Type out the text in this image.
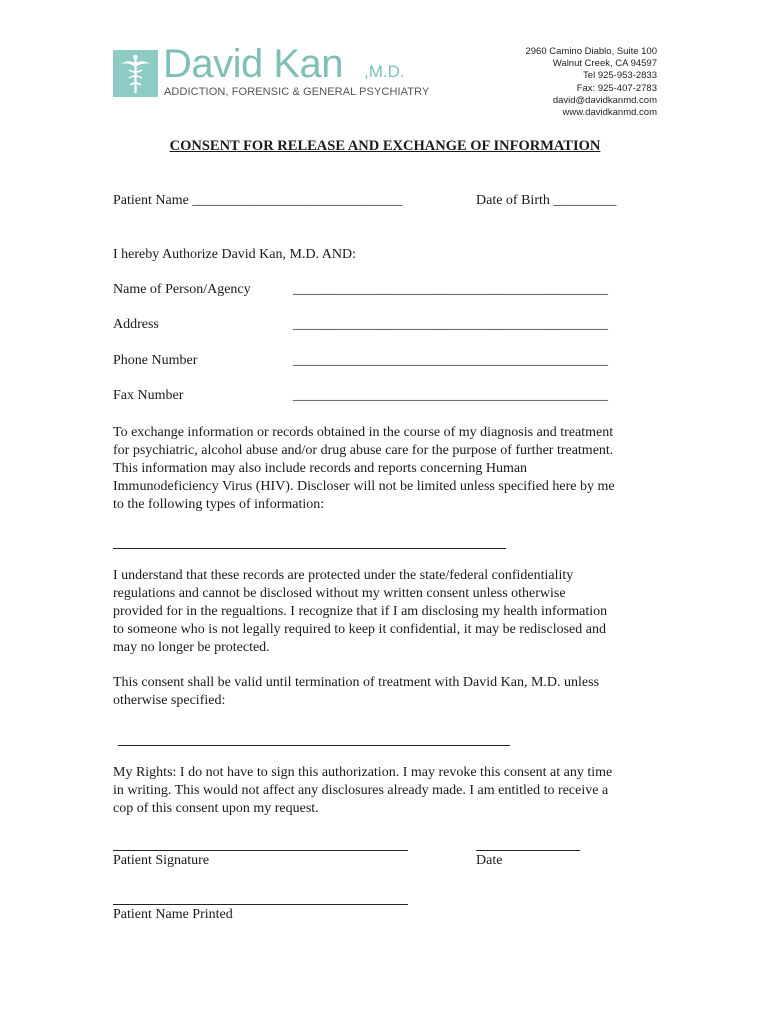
David Kan ,M.D.
ADDICTION, FORENSIC & GENERAL PSYCHIATRY
2960 Camino Diablo, Suite 100
Walnut Creek, CA 94597
Tel 925-953-2833
Fax: 925-407-2783
david@davidkanmd.com
www.davidkanmd.com
CONSENT FOR RELEASE AND EXCHANGE OF INFORMATION
Patient Name ______________________________	Date of Birth _________
I hereby Authorize David Kan, M.D. AND:
Name of Person/Agency	_____________________________________________
Address	_____________________________________________
Phone Number	_____________________________________________
Fax Number	_____________________________________________
To exchange information or records obtained in the course of my diagnosis and treatment
for psychiatric, alcohol abuse and/or drug abuse care for the purpose of further treatment.
This information may also include records and reports concerning Human
Immunodeficiency Virus (HIV). Discloser will not be limited unless specified here by me
to the following types of information:
I understand that these records are protected under the state/federal confidentiality
regulations and cannot be disclosed without my written consent unless otherwise
provided for in the regualtions. I recognize that if I am disclosing my health information
to someone who is not legally required to keep it confidential, it may be redisclosed and
may no longer be protected.
This consent shall be valid until termination of treatment with David Kan, M.D. unless
otherwise specified:
My Rights: I do not have to sign this authorization. I may revoke this consent at any time
in writing. This would not affect any disclosures already made. I am entitled to receive a
cop of this consent upon my request.
Patient Signature	Date
Patient Name Printed
